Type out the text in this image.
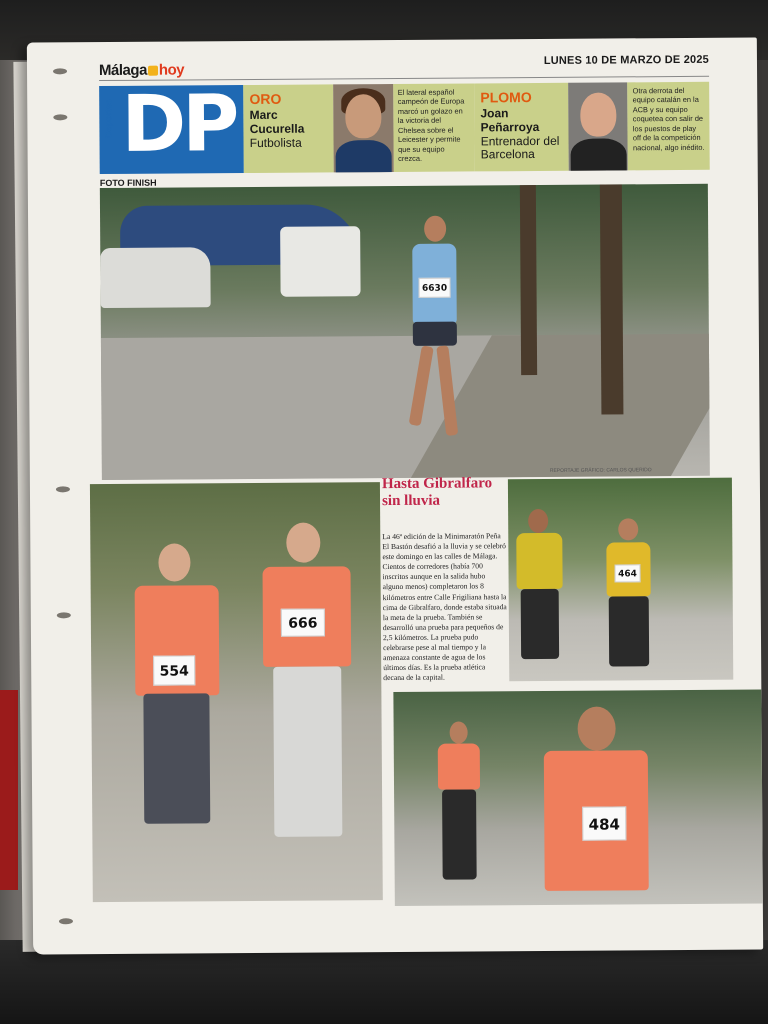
Málaga hoy
LUNES 10 DE MARZO DE 2025
DP
Deportes
ORO
Marc Cucurella
Futbolista
El lateral español campeón de Europa marcó un golazo en la victoria del Chelsea sobre el Leicester y permite que su equipo crezca.
PLOMO
Joan Peñarroya
Entrenador del Barcelona
Otra derrota del equipo catalán en la ACB y su equipo coquetea con salir de los puestos de play off de la competición nacional, algo inédito.
FOTO FINISH
6630
REPORTAJE GRÁFICO: CARLOS QUERIDO
554
666
Hasta Gibralfaro sin lluvia
La 46ª edición de la Minimaratón Peña El Bastón desafió a la lluvia y se celebró este domingo en las calles de Málaga. Cientos de corredores (había 700 inscritos aunque en la salida hubo alguno menos) completaron los 8 kilómetros entre Calle Frigiliana hasta la cima de Gibralfaro, donde estaba situada la meta de la prueba. También se desarrolló una prueba para pequeños de 2,5 kilómetros. La prueba pudo celebrarse pese al mal tiempo y la amenaza constante de agua de los últimos días. Es la prueba atlética decana de la capital.
464
484
